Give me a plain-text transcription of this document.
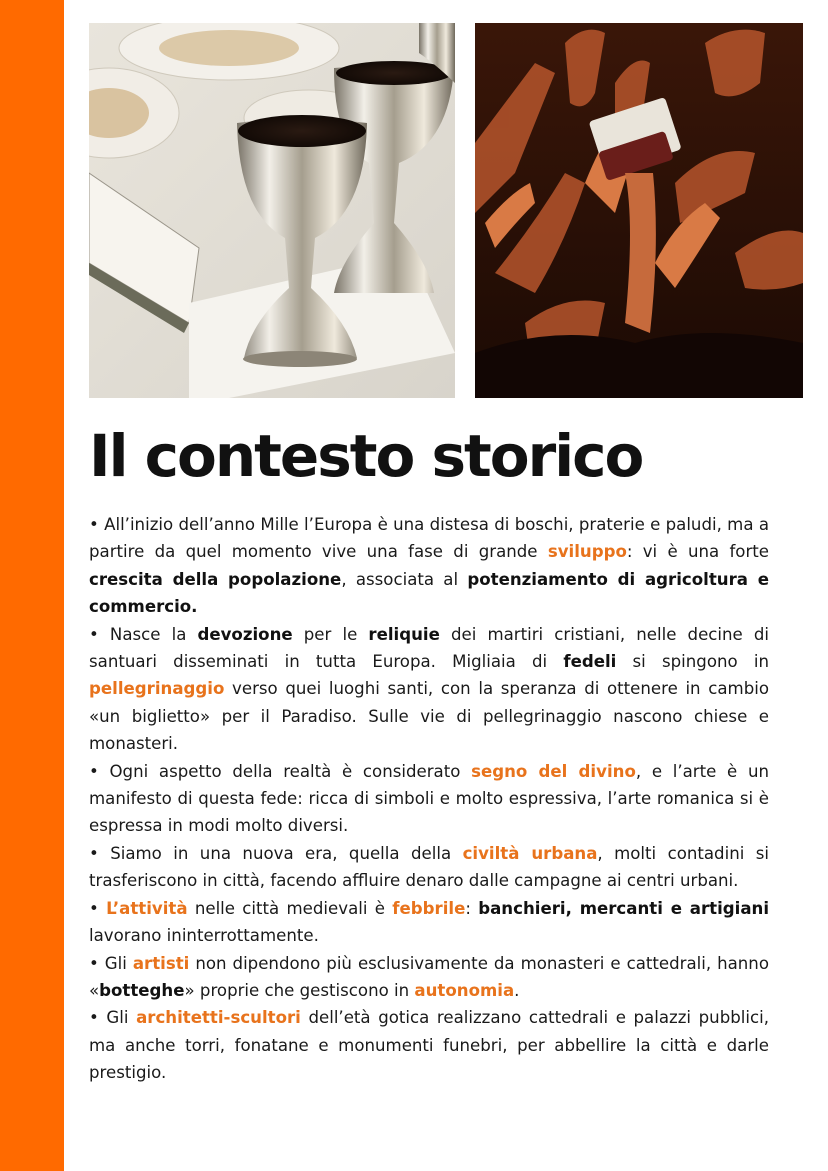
Il contesto storico

• All’inizio dell’anno Mille l’Europa è una distesa di boschi, praterie e paludi, ma a partire da quel momento vive una fase di grande sviluppo: vi è una forte crescita della popolazione, associata al potenziamento di agricoltura e commercio.

• Nasce la devozione per le reliquie dei martiri cristiani, nelle decine di santuari disseminati in tutta Europa. Migliaia di fedeli si spingono in pellegrinaggio verso quei luoghi santi, con la speranza di ottenere in cambio «un biglietto» per il Paradiso. Sulle vie di pellegrinaggio nascono chiese e monasteri.

• Ogni aspetto della realtà è considerato segno del divino, e l’arte è un manifesto di questa fede: ricca di simboli e molto espressiva, l’arte romanica si è espressa in modi molto diversi.

• Siamo in una nuova era, quella della civiltà urbana, molti contadini si trasferiscono in città, facendo affluire denaro dalle campagne ai centri urbani.

• L’attività nelle città medievali è febbrile: banchieri, mercanti e artigiani lavorano ininterrottamente.

• Gli artisti non dipendono più esclusivamente da monasteri e cattedrali, hanno «botteghe» proprie che gestiscono in autonomia.

• Gli architetti-scultori dell’età gotica realizzano cattedrali e palazzi pubblici, ma anche torri, fonatane e monumenti funebri, per abbellire la città e darle prestigio.
